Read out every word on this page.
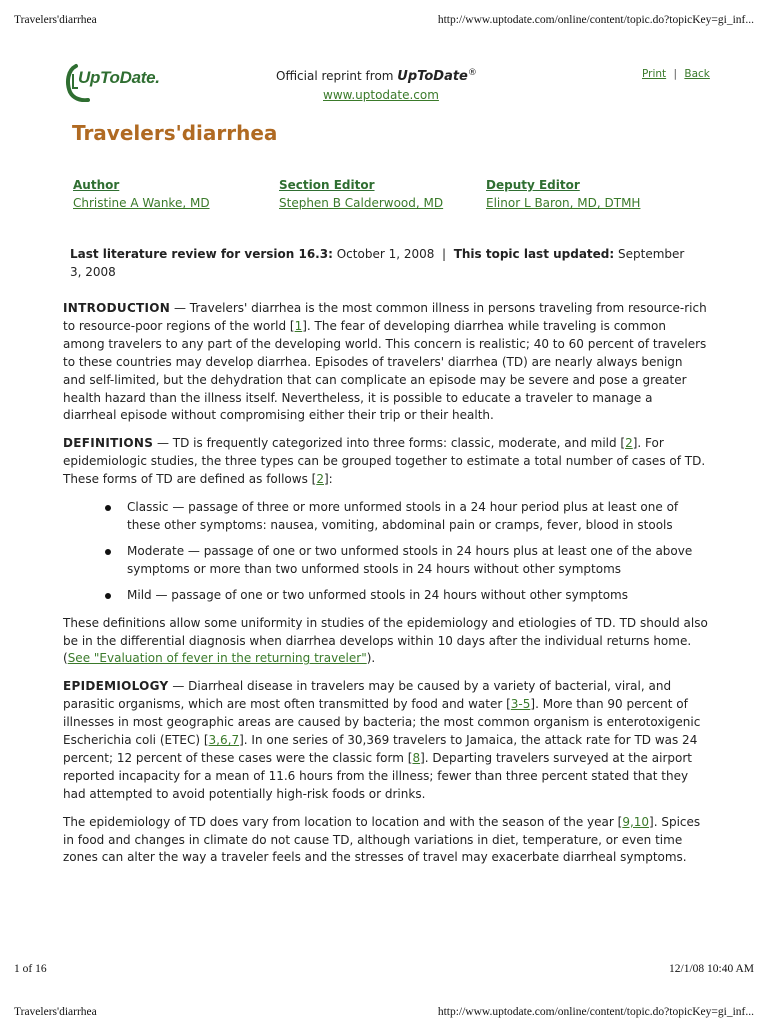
Travelers'diarrhea	http://www.uptodate.com/online/content/topic.do?topicKey=gi_inf...
UpToDate.	Official reprint from UpToDate®
www.uptodate.com
Print | Back
Travelers'diarrhea
Author
Christine A Wanke, MD
Section Editor
Stephen B Calderwood, MD
Deputy Editor
Elinor L Baron, MD, DTMH
Last literature review for version 16.3: October 1, 2008 | This topic last updated: September 3, 2008

INTRODUCTION — Travelers' diarrhea is the most common illness in persons traveling from resource-rich to resource-poor regions of the world [1]. The fear of developing diarrhea while traveling is common among travelers to any part of the developing world. This concern is realistic; 40 to 60 percent of travelers to these countries may develop diarrhea. Episodes of travelers' diarrhea (TD) are nearly always benign and self-limited, but the dehydration that can complicate an episode may be severe and pose a greater health hazard than the illness itself. Nevertheless, it is possible to educate a traveler to manage a diarrheal episode without compromising either their trip or their health.

DEFINITIONS — TD is frequently categorized into three forms: classic, moderate, and mild [2]. For epidemiologic studies, the three types can be grouped together to estimate a total number of cases of TD. These forms of TD are defined as follows [2]:

Classic — passage of three or more unformed stools in a 24 hour period plus at least one of these other symptoms: nausea, vomiting, abdominal pain or cramps, fever, blood in stools
Moderate — passage of one or two unformed stools in 24 hours plus at least one of the above symptoms or more than two unformed stools in 24 hours without other symptoms
Mild — passage of one or two unformed stools in 24 hours without other symptoms

These definitions allow some uniformity in studies of the epidemiology and etiologies of TD. TD should also be in the differential diagnosis when diarrhea develops within 10 days after the individual returns home. (See "Evaluation of fever in the returning traveler").

EPIDEMIOLOGY — Diarrheal disease in travelers may be caused by a variety of bacterial, viral, and parasitic organisms, which are most often transmitted by food and water [3-5]. More than 90 percent of illnesses in most geographic areas are caused by bacteria; the most common organism is enterotoxigenic Escherichia coli (ETEC) [3,6,7]. In one series of 30,369 travelers to Jamaica, the attack rate for TD was 24 percent; 12 percent of these cases were the classic form [8]. Departing travelers surveyed at the airport reported incapacity for a mean of 11.6 hours from the illness; fewer than three percent stated that they had attempted to avoid potentially high-risk foods or drinks.

The epidemiology of TD does vary from location to location and with the season of the year [9,10]. Spices in food and changes in climate do not cause TD, although variations in diet, temperature, or even time zones can alter the way a traveler feels and the stresses of travel may exacerbate diarrheal symptoms.

1 of 16	12/1/08 10:40 AM
Travelers'diarrhea	http://www.uptodate.com/online/content/topic.do?topicKey=gi_inf...
